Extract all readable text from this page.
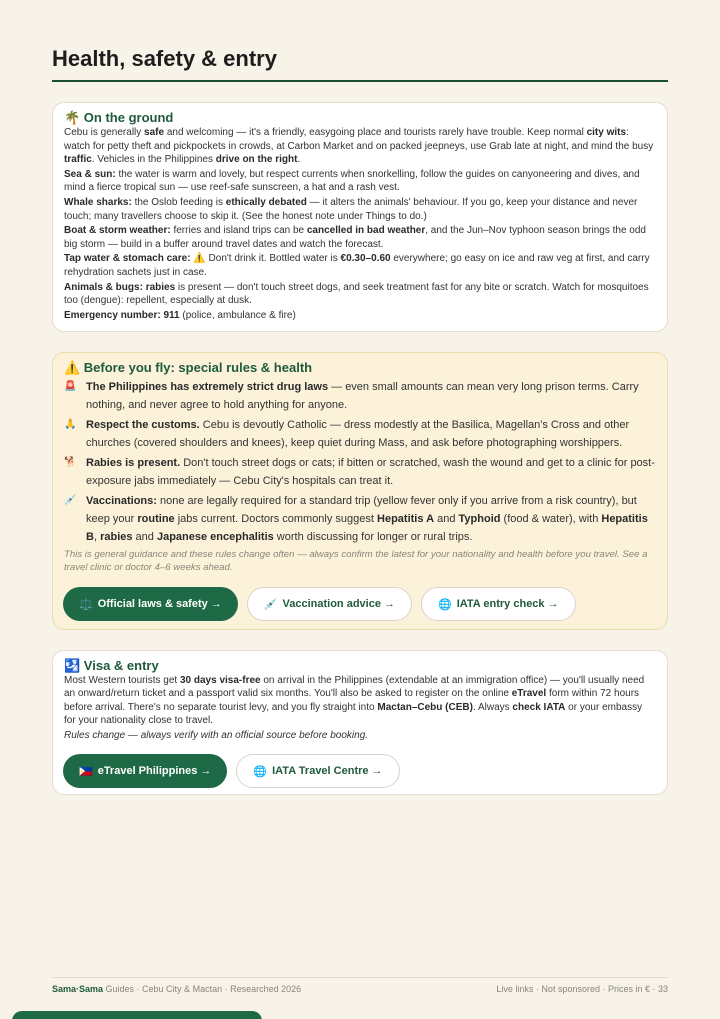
Health, safety & entry
🌴 On the ground

Cebu is generally safe and welcoming — it's a friendly, easygoing place and tourists rarely have trouble. Keep normal city wits: watch for petty theft and pickpockets in crowds, at Carbon Market and on packed jeepneys, use Grab late at night, and mind the busy traffic. Vehicles in the Philippines drive on the right.

Sea & sun: the water is warm and lovely, but respect currents when snorkelling, follow the guides on canyoneering and dives, and mind a fierce tropical sun — use reef-safe sunscreen, a hat and a rash vest.

Whale sharks: the Oslob feeding is ethically debated — it alters the animals' behaviour. If you go, keep your distance and never touch; many travellers choose to skip it. (See the honest note under Things to do.)

Boat & storm weather: ferries and island trips can be cancelled in bad weather, and the Jun–Nov typhoon season brings the odd big storm — build in a buffer around travel dates and watch the forecast.

Tap water & stomach care: ⚠️ Don't drink it. Bottled water is €0.30–0.60 everywhere; go easy on ice and raw veg at first, and carry rehydration sachets just in case.

Animals & bugs: rabies is present — don't touch street dogs, and seek treatment fast for any bite or scratch. Watch for mosquitoes too (dengue): repellent, especially at dusk.

Emergency number: 911 (police, ambulance & fire)

⚠️ Before you fly: special rules & health
🚨 The Philippines has extremely strict drug laws — even small amounts can mean very long prison terms. Carry nothing, and never agree to hold anything for anyone.
🙏 Respect the customs. Cebu is devoutly Catholic — dress modestly at the Basilica, Magellan's Cross and other churches (covered shoulders and knees), keep quiet during Mass, and ask before photographing worshippers.
🐕 Rabies is present. Don't touch street dogs or cats; if bitten or scratched, wash the wound and get to a clinic for post-exposure jabs immediately — Cebu City's hospitals can treat it.
💉 Vaccinations: none are legally required for a standard trip (yellow fever only if you arrive from a risk country), but keep your routine jabs current. Doctors commonly suggest Hepatitis A and Typhoid (food & water), with Hepatitis B, rabies and Japanese encephalitis worth discussing for longer or rural trips.

This is general guidance and these rules change often — always confirm the latest for your nationality and health before you travel. See a travel clinic or doctor 4–6 weeks ahead.

⚖️ Official laws & safety →	💉 Vaccination advice →	🌐 IATA entry check →
🛂 Visa & entry

Most Western tourists get 30 days visa-free on arrival in the Philippines (extendable at an immigration office) — you'll usually need an onward/return ticket and a passport valid six months. You'll also be asked to register on the online eTravel form within 72 hours before arrival. There's no separate tourist levy, and you fly straight into Mactan–Cebu (CEB). Always check IATA or your embassy for your nationality close to travel.

Rules change — always verify with an official source before booking.

🇵🇭 eTravel Philippines →	🌐 IATA Travel Centre →
Sama·Sama Guides · Cebu City & Mactan · Researched 2026	Live links · Not sponsored · Prices in € · 33
